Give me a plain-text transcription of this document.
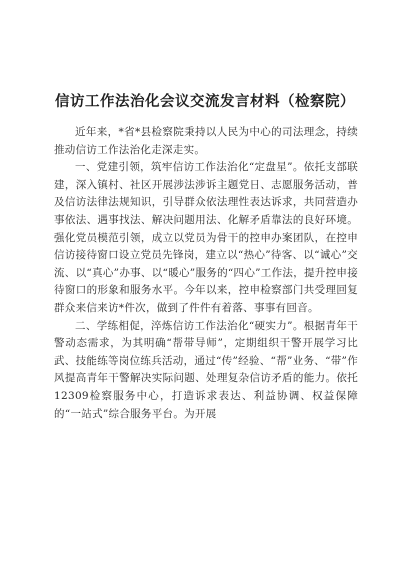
信访工作法治化会议交流发言材料（检察院）

近年来，*省*县检察院秉持以人民为中心的司法理念，持续推动信访工作法治化走深走实。

一、党建引领，筑牢信访工作法治化“定盘星”。依托支部联建，深入镇村、社区开展涉法涉诉主题党日、志愿服务活动，普及信访法律法规知识，引导群众依法理性表达诉求，共同营造办事依法、遇事找法、解决问题用法、化解矛盾靠法的良好环境。强化党员模范引领，成立以党员为骨干的控申办案团队，在控申信访接待窗口设立党员先锋岗，建立以“热心”待客、以“诚心”交流、以“真心”办事、以“暖心”服务的“四心”工作法，提升控申接待窗口的形象和服务水平。今年以来，控申检察部门共受理回复群众来信来访*件次，做到了件件有着落、事事有回音。

二、学练相促，淬炼信访工作法治化“硬实力”。根据青年干警动态需求，为其明确“帮带导师”，定期组织干警开展学习比武、技能练等岗位练兵活动，通过“传”经验、“帮”业务、“带”作风提高青年干警解决实际问题、处理复杂信访矛盾的能力。依托12309检察服务中心，打造诉求表达、利益协调、权益保障的“一站式”综合服务平台。为开展
